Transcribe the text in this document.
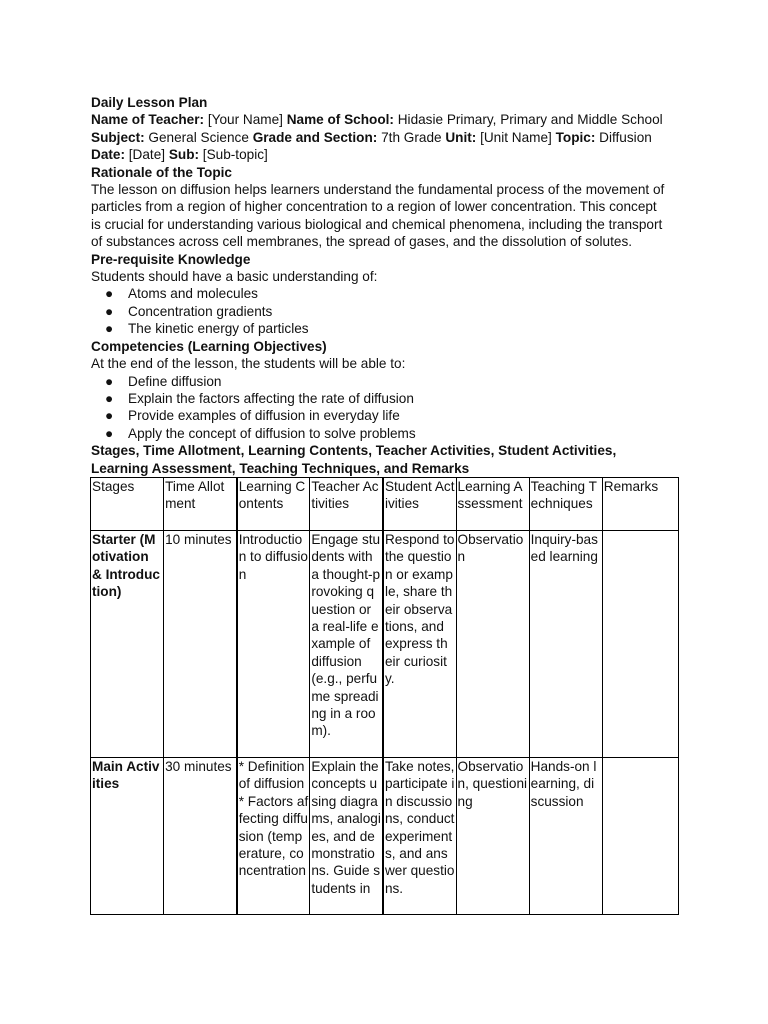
Daily Lesson Plan
Name of Teacher: [Your Name] Name of School: Hidasie Primary, Primary and Middle School
Subject: General Science Grade and Section: 7th Grade Unit: [Unit Name] Topic: Diffusion
Date: [Date] Sub: [Sub-topic]
Rationale of the Topic
The lesson on diffusion helps learners understand the fundamental process of the movement of
particles from a region of higher concentration to a region of lower concentration. This concept
is crucial for understanding various biological and chemical phenomena, including the transport
of substances across cell membranes, the spread of gases, and the dissolution of solutes.
Pre-requisite Knowledge
Students should have a basic understanding of:
● Atoms and molecules
● Concentration gradients
● The kinetic energy of particles
Competencies (Learning Objectives)
At the end of the lesson, the students will be able to:
● Define diffusion
● Explain the factors affecting the rate of diffusion
● Provide examples of diffusion in everyday life
● Apply the concept of diffusion to solve problems
Stages, Time Allotment, Learning Contents, Teacher Activities, Student Activities,
Learning Assessment, Teaching Techniques, and Remarks
Stages	Time Allotment	Learning Contents	Teacher Activities	Student Activities	Learning Assessment	Teaching Techniques	Remarks
Starter (Motivation & Introduction)	10 minutes	Introduction to diffusion	Engage students with a thought-provoking question or a real-life example of diffusion (e.g., perfume spreading in a room).	Respond to the question or example, share their observations, and express their curiosity.	Observation	Inquiry-based learning	
Main Activities	30 minutes	* Definition of diffusion * Factors affecting diffusion (temperature, concentration	Explain the concepts using diagrams, analogies, and demonstrations. Guide students in	Take notes, participate in discussions, conduct experiments, and answer questions.	Observation, questioning	Hands-on learning, discussion	
